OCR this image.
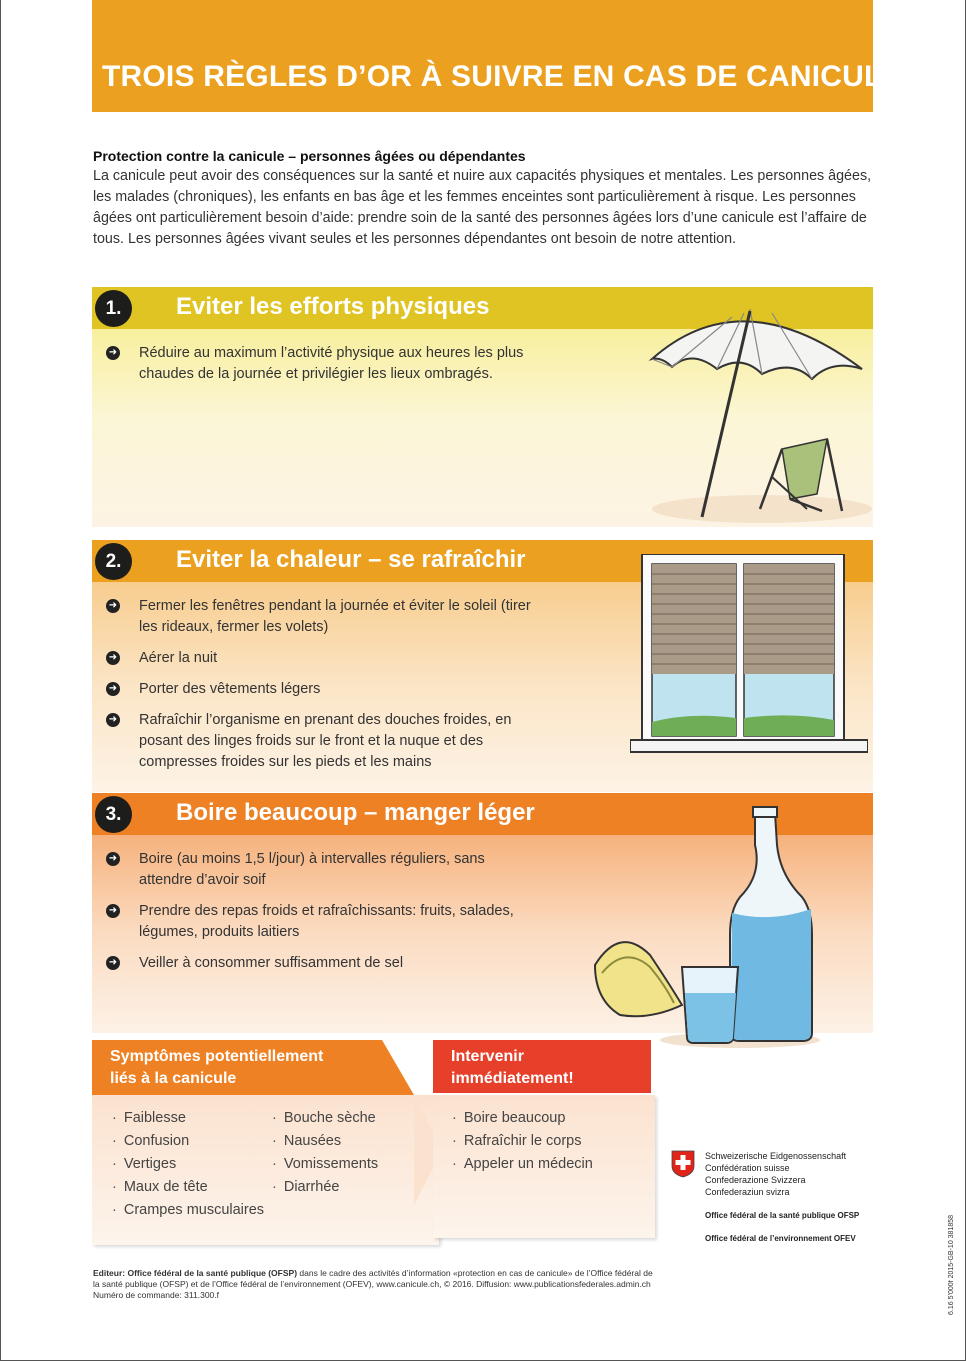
TROIS RÈGLES D’OR À SUIVRE EN CAS DE CANICULE
Protection contre la canicule – personnes âgées ou dépendantes
La canicule peut avoir des conséquences sur la santé et nuire aux capacités physiques et mentales. Les personnes âgées, les malades (chroniques), les enfants en bas âge et les femmes enceintes sont particulièrement à risque. Les personnes âgées ont particulièrement besoin d’aide: prendre soin de la santé des personnes âgées lors d’une canicule est l’affaire de tous. Les personnes âgées vivant seules et les personnes dépendantes ont besoin de notre attention.
1.	Eviter les efforts physiques
➜ Réduire au maximum l’activité physique aux heures les plus chaudes de la journée et privilégier les lieux ombragés.
2.	Eviter la chaleur – se rafraîchir
➜ Fermer les fenêtres pendant la journée et éviter le soleil (tirer les rideaux, fermer les volets)
➜ Aérer la nuit
➜ Porter des vêtements légers
➜ Rafraîchir l’organisme en prenant des douches froides, en posant des linges froids sur le front et la nuque et des compresses froides sur les pieds et les mains
3.	Boire beaucoup – manger léger
➜ Boire (au moins 1,5 l/jour) à intervalles réguliers, sans attendre d’avoir soif
➜ Prendre des repas froids et rafraîchissants: fruits, salades, légumes, produits laitiers
➜ Veiller à consommer suffisamment de sel
Symptômes potentiellement
liés à la canicule
· Faiblesse
· Confusion
· Vertiges
· Maux de tête
· Crampes musculaires
· Bouche sèche
· Nausées
· Vomissements
· Diarrhée
Intervenir
immédiatement!
· Boire beaucoup
· Rafraîchir le corps
· Appeler un médecin	Schweizerische Eidgenossenschaft
Confédération suisse
Confederazione Svizzera
Confederaziun svizra
Office fédéral de la santé publique OFSP
Office fédéral de l’environnement OFEV
Editeur: Office fédéral de la santé publique (OFSP) dans le cadre des activités d’information «protection en cas de canicule» de l’Office fédéral de la santé publique (OFSP) et de l’Office fédéral de l’environnement (OFEV), www.canicule.ch, © 2016. Diffusion: www.publicationsfederales.admin.ch
Numéro de commande: 311.300.f	6.16 5’000f 2015-GB-10 381858
